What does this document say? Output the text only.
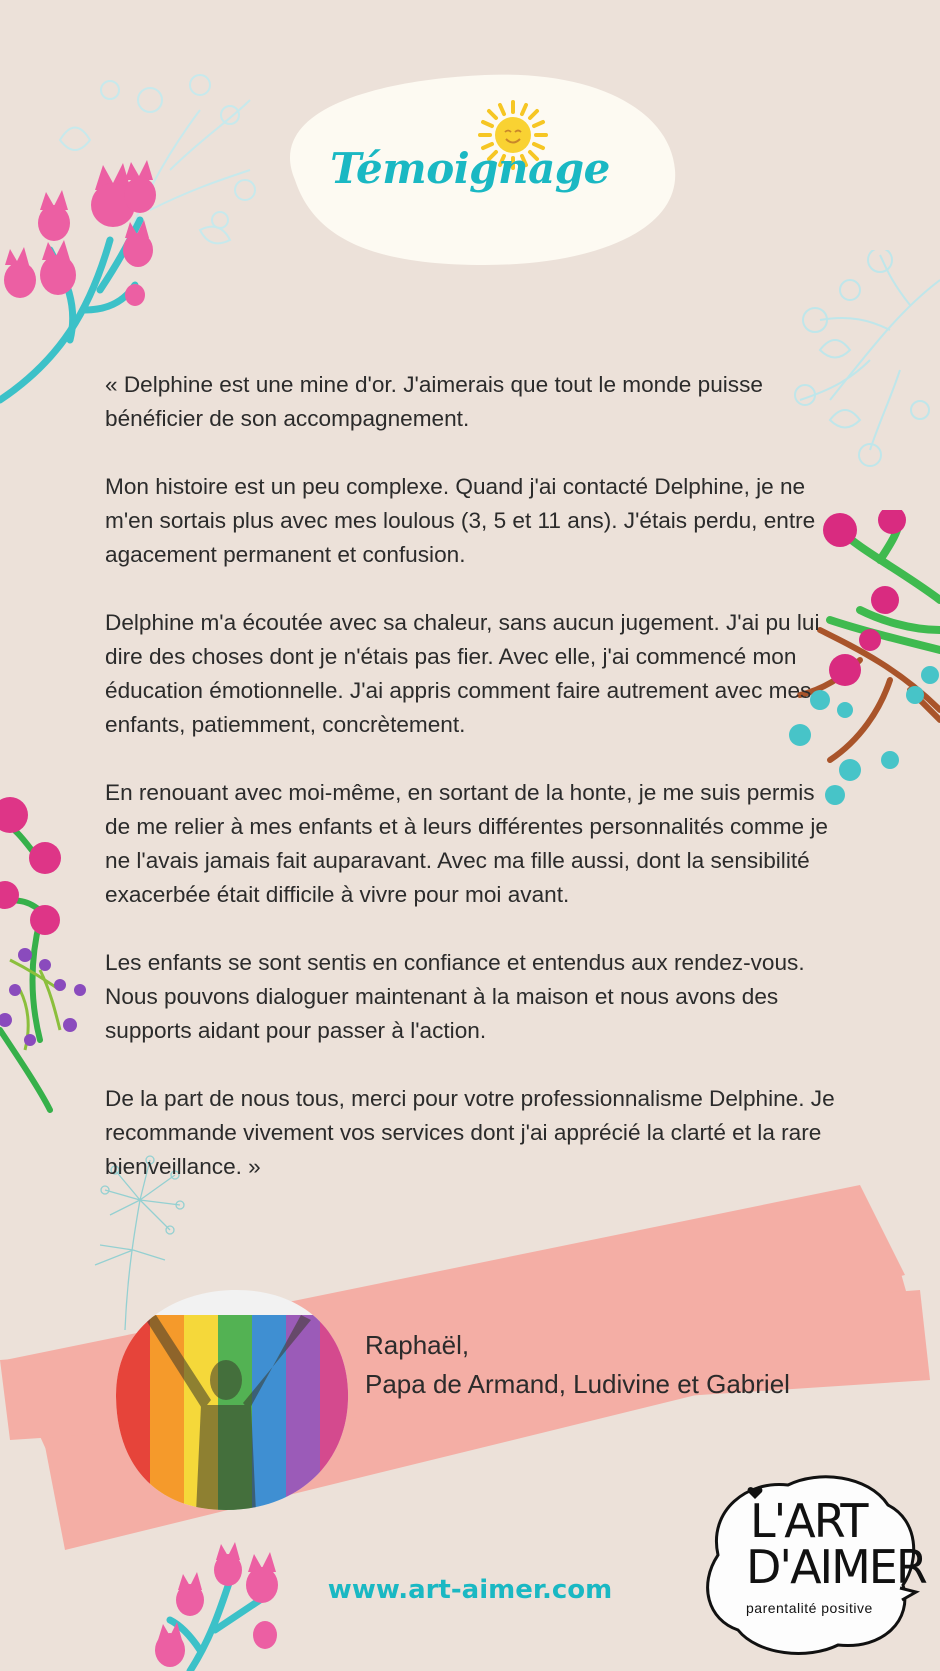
Témoignage

« Delphine est une mine d'or. J'aimerais que tout le monde puisse bénéficier de son accompagnement.

Mon histoire est un peu complexe. Quand j'ai contacté Delphine, je ne m'en sortais plus avec mes loulous (3, 5 et 11 ans). J'étais perdu, entre agacement permanent et confusion.

Delphine m'a écoutée avec sa chaleur, sans aucun jugement. J'ai pu lui dire des choses dont je n'étais pas fier. Avec elle, j'ai commencé mon éducation émotionnelle. J'ai appris comment faire autrement avec mes enfants, patiemment, concrètement.

En renouant avec moi-même, en sortant de la honte, je me suis permis de me relier à mes enfants et à leurs différentes personnalités comme je ne l'avais jamais fait auparavant. Avec ma fille aussi, dont la sensibilité exacerbée était difficile à vivre pour moi avant.

Les enfants se sont sentis en confiance et entendus aux rendez-vous. Nous pouvons dialoguer maintenant à la maison et nous avons des supports aidant pour passer à l'action.

De la part de nous tous, merci pour votre professionnalisme Delphine. Je recommande vivement vos services dont j'ai apprécié la clarté et la rare bienveillance. »

Raphaël,
Papa de Armand, Ludivine et Gabriel
www.art-aimer.com
L'ART
D'AIMER
parentalité positive
